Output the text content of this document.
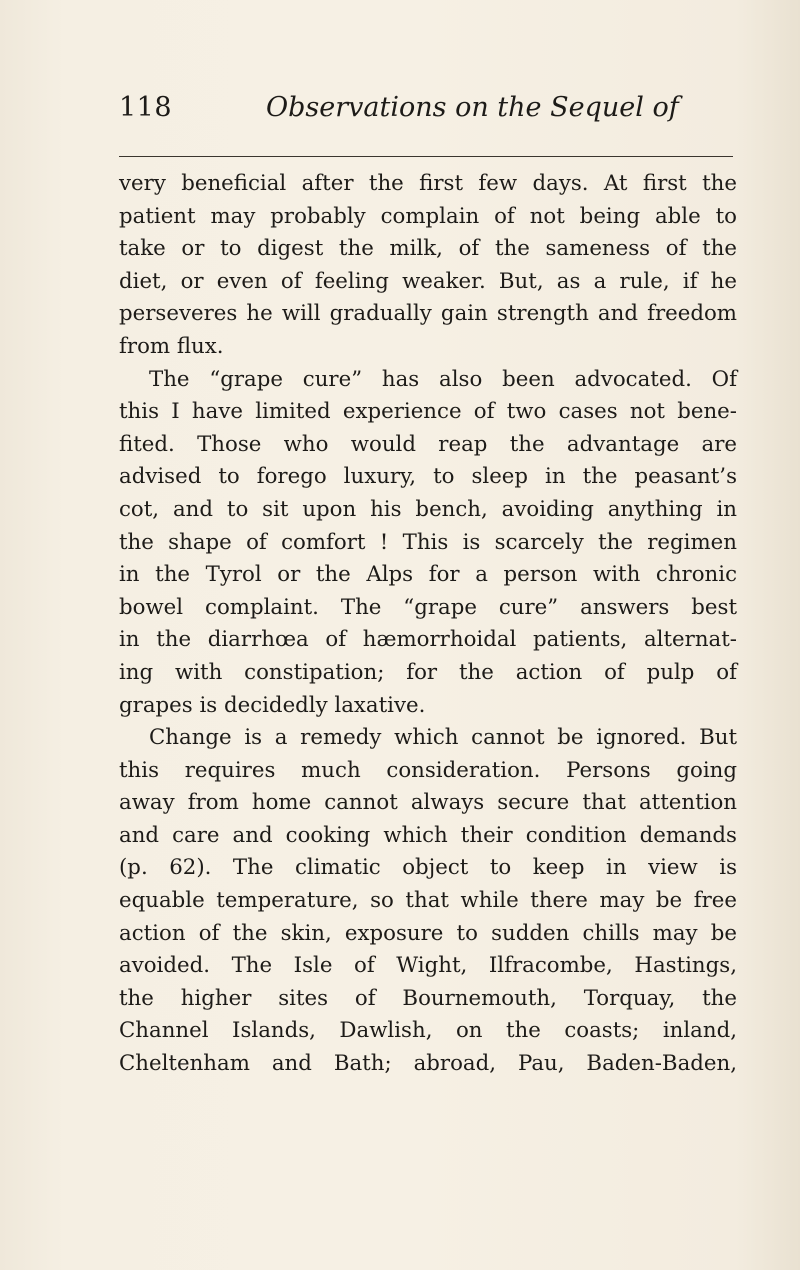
118	Observations on the Sequel of
very beneficial after the first few days. At first the
patient may probably complain of not being able to
take or to digest the milk, of the sameness of the
diet, or even of feeling weaker. But, as a rule, if he
perseveres he will gradually gain strength and freedom
from flux.
The “grape cure” has also been advocated. Of
this I have limited experience of two cases not bene-
fited. Those who would reap the advantage are
advised to forego luxury, to sleep in the peasant’s
cot, and to sit upon his bench, avoiding anything in
the shape of comfort ! This is scarcely the regimen
in the Tyrol or the Alps for a person with chronic
bowel complaint. The “grape cure” answers best
in the diarrhœa of hæmorrhoidal patients, alternat-
ing with constipation; for the action of pulp of
grapes is decidedly laxative.
Change is a remedy which cannot be ignored. But
this requires much consideration. Persons going
away from home cannot always secure that attention
and care and cooking which their condition demands
(p. 62). The climatic object to keep in view is
equable temperature, so that while there may be free
action of the skin, exposure to sudden chills may be
avoided. The Isle of Wight, Ilfracombe, Hastings,
the higher sites of Bournemouth, Torquay, the
Channel Islands, Dawlish, on the coasts; inland,
Cheltenham and Bath; abroad, Pau, Baden-Baden,
